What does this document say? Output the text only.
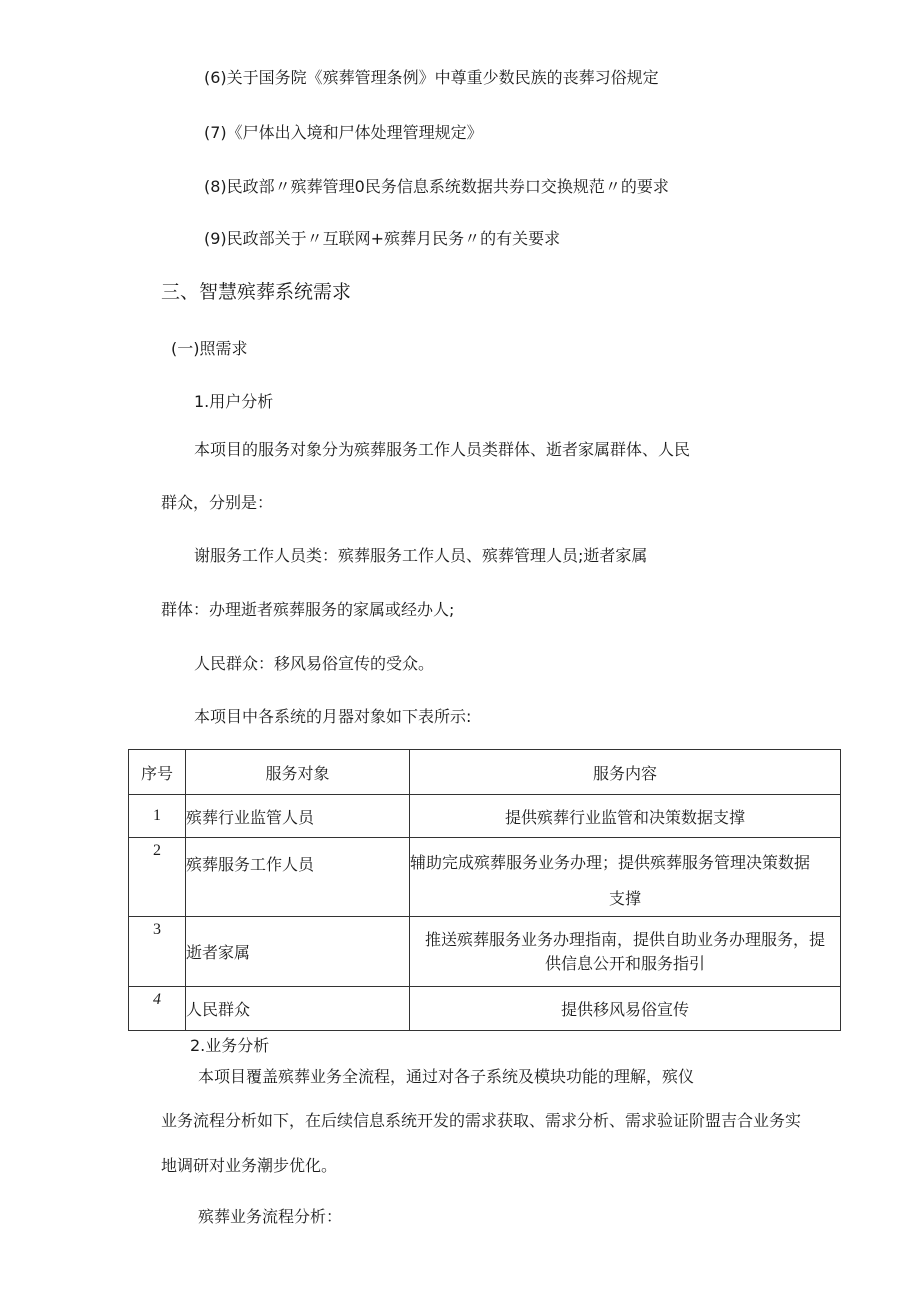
(6)关于国务院《殡葬管理条例》中尊重少数民族的丧葬习俗规定
(7)《尸体出入境和尸体处理管理规定》
(8)民政部〃殡葬管理0民务信息系统数据共券口交换规范〃的要求
(9)民政部关于〃互联网+殡葬月民务〃的有关要求
三、智慧殡葬系统需求
(一)照需求
1.用户分析
本项目的服务对象分为殡葬服务工作人员类群体、逝者家属群体、人民
群众，分别是：
谢服务工作人员类：殡葬服务工作人员、殡葬管理人员;逝者家属
群体：办理逝者殡葬服务的家属或经办人;
人民群众：移风易俗宣传的受众。
本项目中各系统的月器对象如下表所示:
序号	服务对象	服务内容
1	殡葬行业监管人员	提供殡葬行业监管和决策数据支撑
2	殡葬服务工作人员	辅助完成殡葬服务业务办理；提供殡葬服务管理决策数据
支撑

3	逝者家属	推送殡葬服务业务办理指南，提供自助业务办理服务，提
供信息公开和服务指引

4	人民群众	提供移风易俗宣传
2.业务分析
本项目覆盖殡葬业务全流程，通过对各子系统及模块功能的理解，殡仪
业务流程分析如下，在后续信息系统开发的需求获取、需求分析、需求验证阶盟吉合业务实
地调研对业务潮步优化。
殡葬业务流程分析：
